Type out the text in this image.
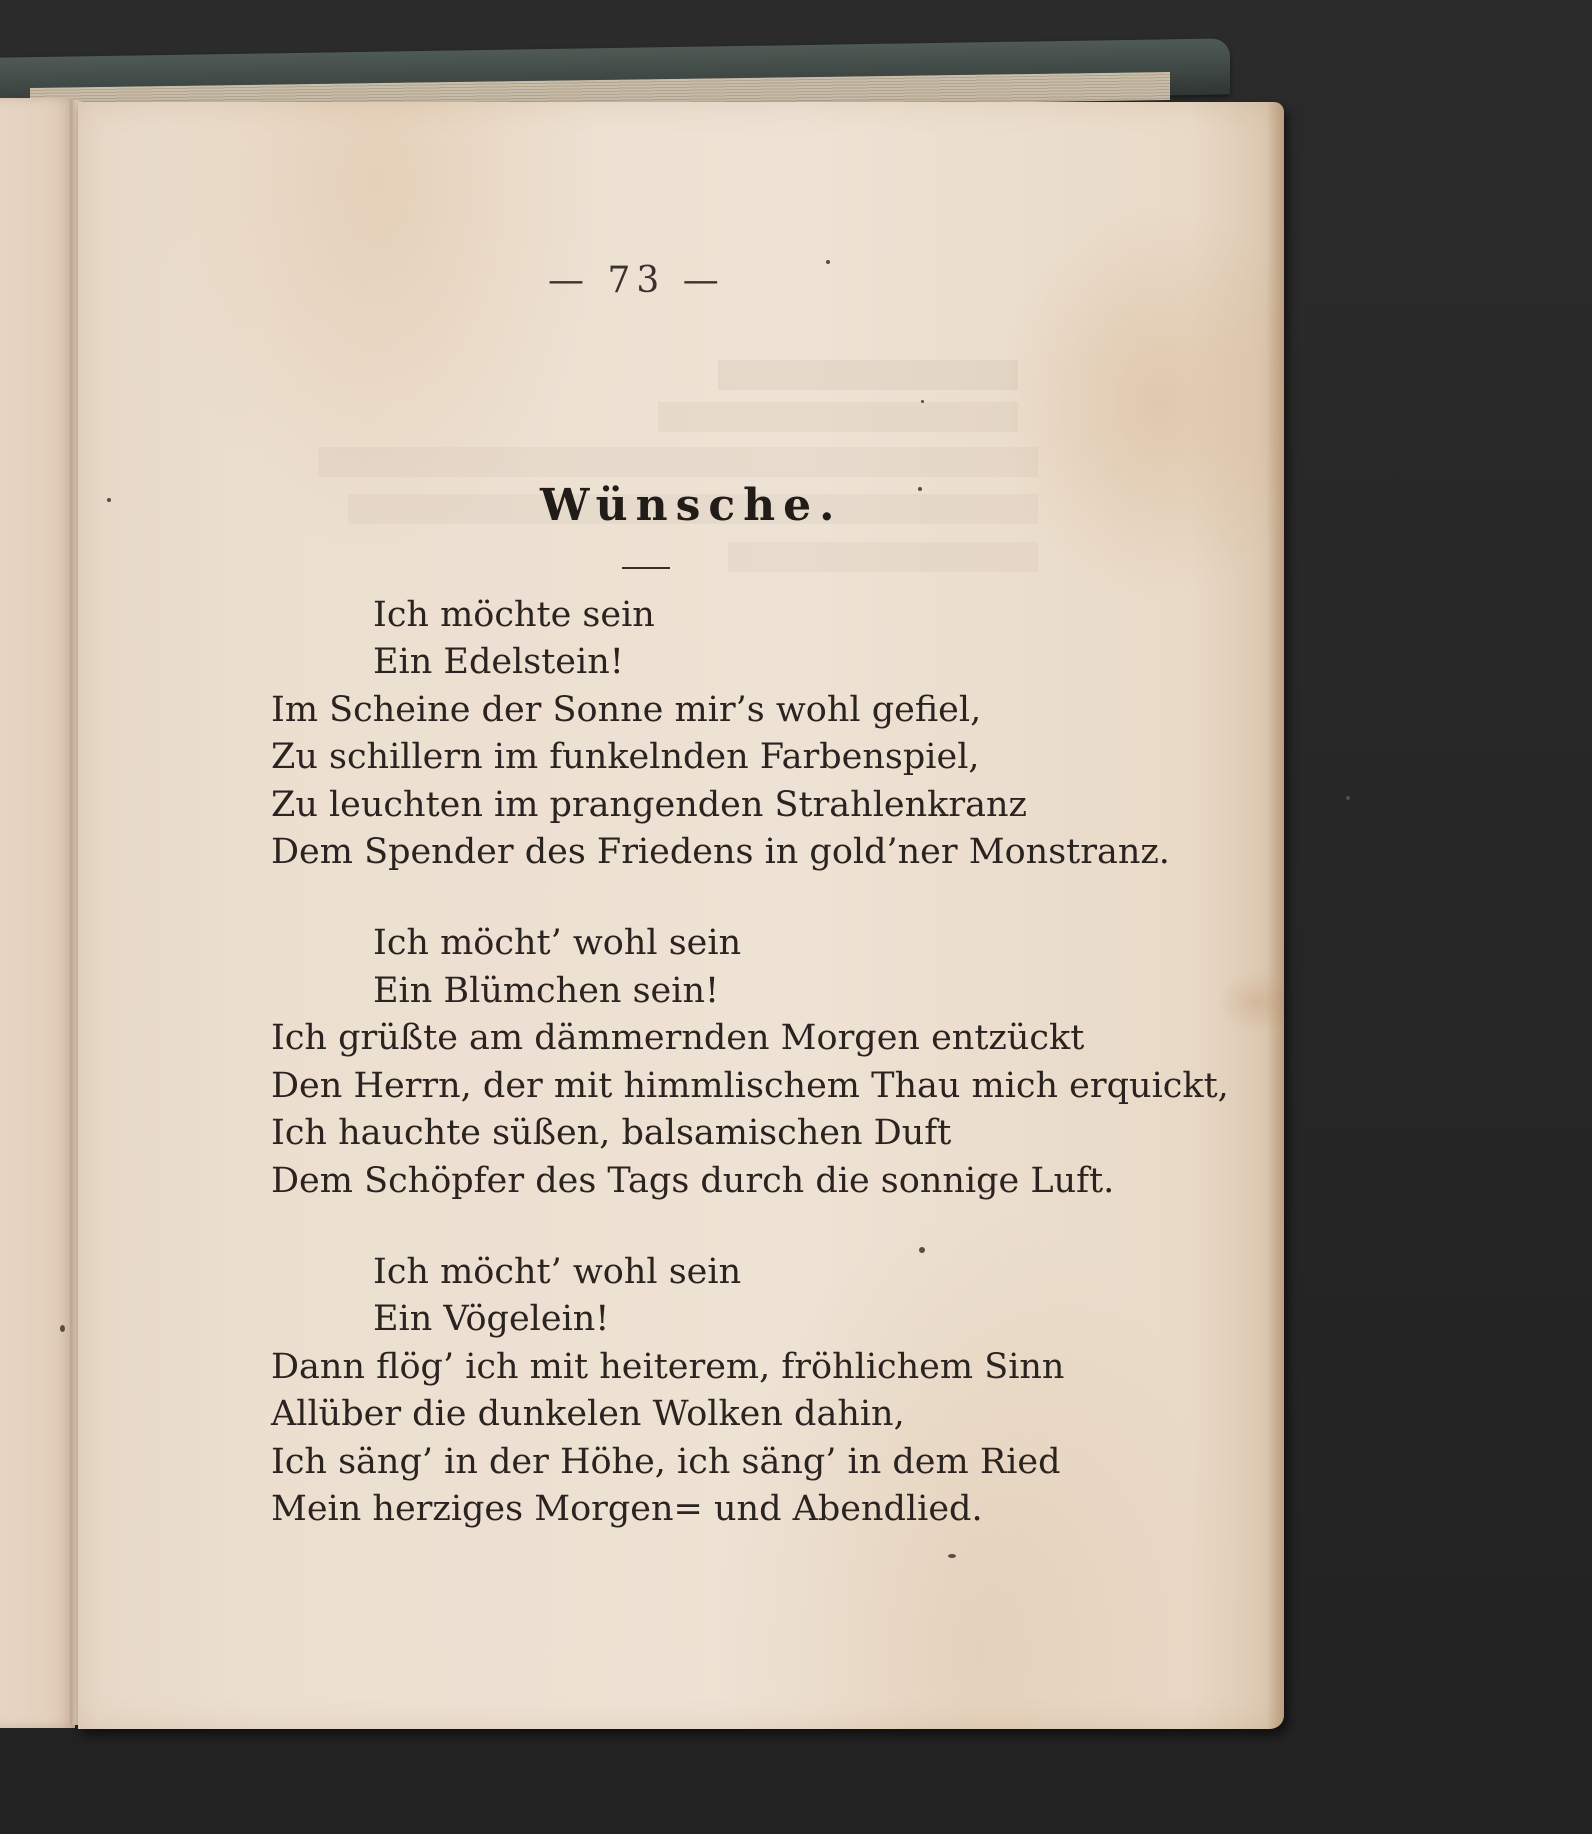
— 73 —
Wünsche.
Ich möchte sein
Ein Edelstein!
Im Scheine der Sonne mir’s wohl gefiel,
Zu schillern im funkelnden Farbenspiel,
Zu leuchten im prangenden Strahlenkranz
Dem Spender des Friedens in gold’ner Monstranz.
Ich möcht’ wohl sein
Ein Blümchen sein!
Ich grüßte am dämmernden Morgen entzückt
Den Herrn, der mit himmlischem Thau mich erquickt,
Ich hauchte süßen, balsamischen Duft
Dem Schöpfer des Tags durch die sonnige Luft.
Ich möcht’ wohl sein
Ein Vögelein!
Dann flög’ ich mit heiterem, fröhlichem Sinn
Allüber die dunkelen Wolken dahin,
Ich säng’ in der Höhe, ich säng’ in dem Ried
Mein herziges Morgen= und Abendlied.
